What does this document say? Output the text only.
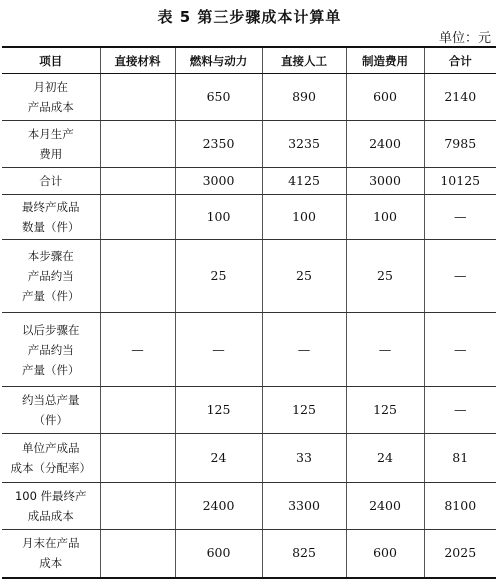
表 5 第三步骤成本计算单
单位：元
项目	直接材料	燃料与动力	直接人工	制造费用	合计

月初在
产品成本		650	890	600	2140

本月生产
费用		2350	3235	2400	7985

合计		3000	4125	3000	10125

最终产成品
数量（件）		100	100	100	—

本步骤在
产品约当
产量（件）		25	25	25	—

以后步骤在
产品约当
产量（件）	—	—	—	—	—

约当总产量
（件）		125	125	125	—

单位产成品
成本（分配率）		24	33	24	81

100 件最终产
成品成本		2400	3300	2400	8100

月末在产品
成本		600	825	600	2025
